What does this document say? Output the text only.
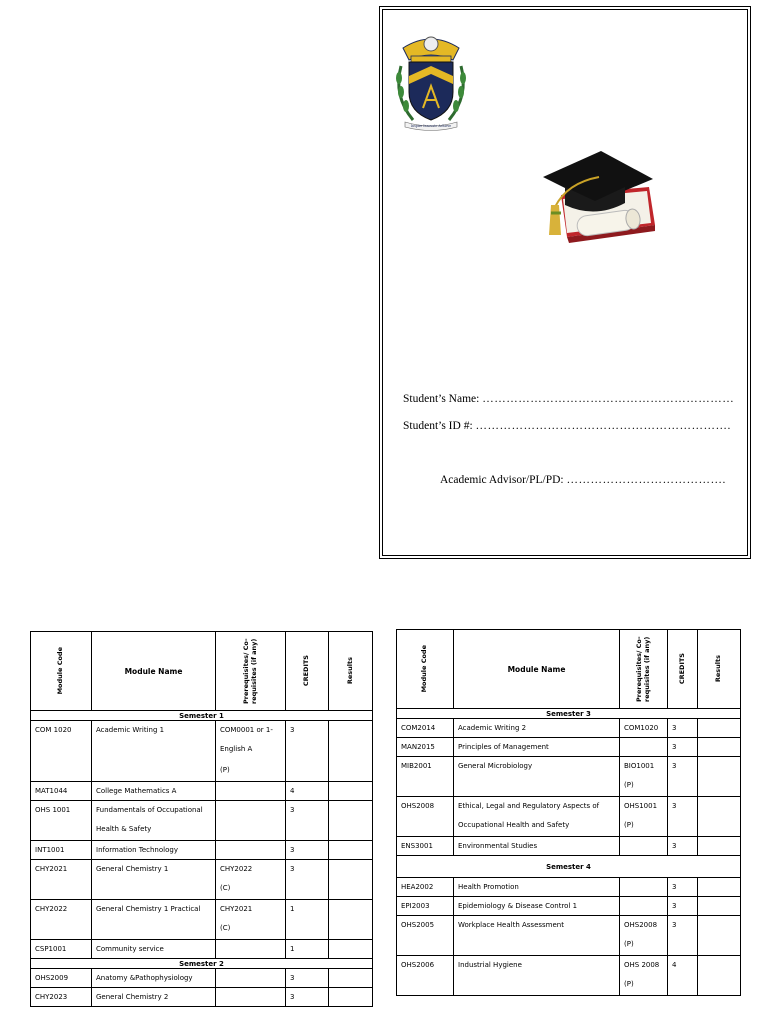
Inspire Innovate Achieve
Student’s Name: ………………………………………………………
Student’s ID #: ……………………………………………………….
Academic Advisor/PL/PD: ………………………………….
Module Code	Module Name	Prerequisites/ Co-requisites (if any)	CREDITS	Results

Semester 1				

COM 1020	Academic Writing 1	COM0001 or 1-
English A
(P)	3	

MAT1044	College Mathematics A		4	

OHS 1001	Fundamentals of Occupational
Health & Safety		3	

INT1001	Information Technology		3	

CHY2021	General Chemistry 1	CHY2022
(C)	3	

CHY2022	General Chemistry 1 Practical	CHY2021
(C)	1	

CSP1001	Community service		1	

Semester 2				

OHS2009	Anatomy &Pathophysiology		3	

CHY2023	General Chemistry 2		3	

Module Code	Module Name	Prerequisites/ Co-requisites (if any)	CREDITS	Results

Semester 3				

COM2014	Academic Writing 2	COM1020	3	

MAN2015	Principles of Management		3	

MIB2001	General Microbiology	BIO1001
(P)	3	

OHS2008	Ethical, Legal and Regulatory Aspects of
Occupational Health and Safety	OHS1001
(P)	3	

ENS3001	Environmental Studies		3	

Semester 4				

HEA2002	Health Promotion		3	

EPI2003	Epidemiology & Disease Control 1		3	

OHS2005	Workplace Health Assessment	OHS2008
(P)	3	

OHS2006	Industrial Hygiene	OHS 2008
(P)	4	
